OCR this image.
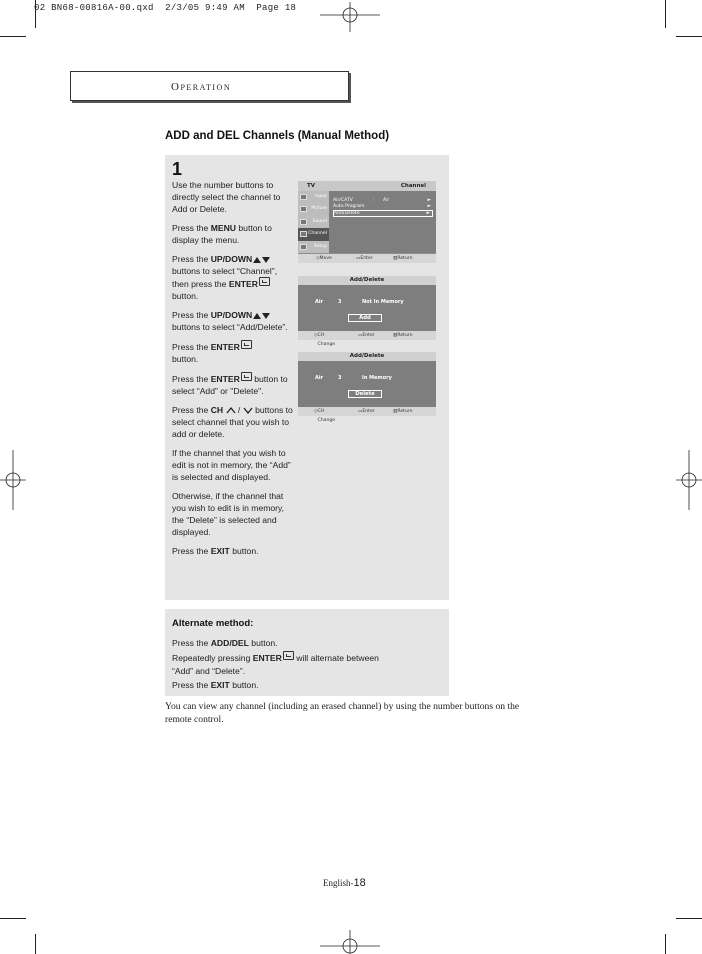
02 BN68-00816A-00.qxd  2/3/05 9:49 AM  Page 18
Operation
ADD and DEL Channels (Manual Method)
1

Use the number buttons to directly select the channel to Add or Delete.

Press the MENU button to display the menu.

Press the UP/DOWN buttons to select “Channel”, then press the ENTER button.

Press the UP/DOWN buttons to select “Add/Delete”.

Press the ENTER
button.

Press the ENTER button to select “Add” or "Delete".

Press the CH  /  buttons to select channel that you wish to add or delete.

If the channel that you wish to edit is not in memory, the “Add” is selected and displayed.

Otherwise, if the channel that you wish to edit is in memory, the “Delete” is selected and displayed.

Press the EXIT button.

TV	Channel
Input
Picture
Sound
Channel
Setup
Air/CATV	: Air	►
Auto Program	►
Add/Delete	►
◇ Move	▭ Enter	▥ Return
Add/Delete
Air	3	Not In Memory
Add
◇ CH Change
▭ Enter	▥ Return
Add/Delete
Air	3	In Memory
Delete
◇ CH Change
▭ Enter	▥ Return
Alternate method:
Press the ADD/DEL button.
Repeatedly pressing ENTER will alternate between
“Add” and “Delete”.
Press the EXIT button.
You can view any channel (including an erased channel) by using the number buttons on the remote control.
English-18
